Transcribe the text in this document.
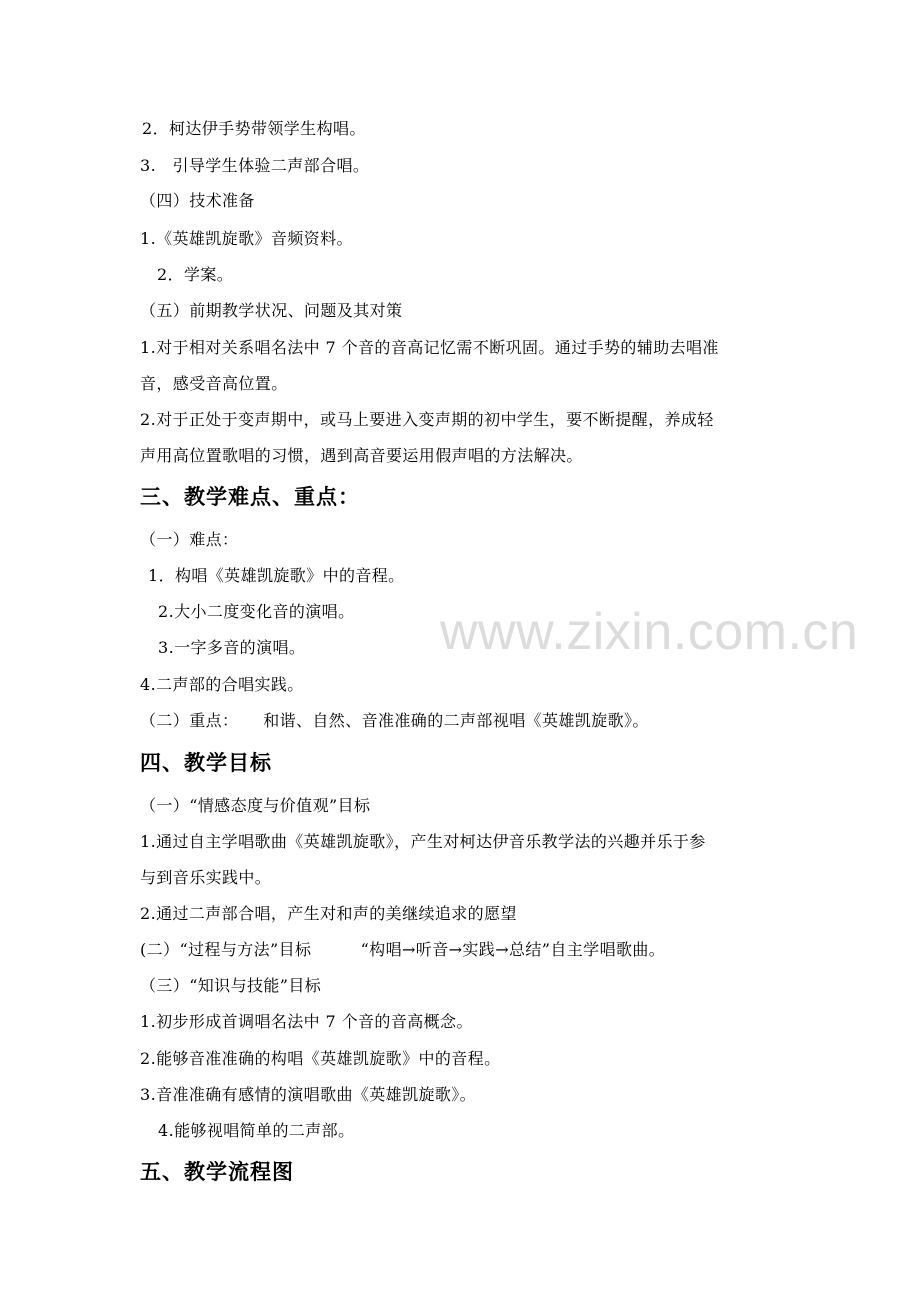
2．柯达伊手势带领学生构唱。
3.　引导学生体验二声部合唱。
（四）技术准备
1.《英雄凯旋歌》音频资料。
2．学案。
（五）前期教学状况、问题及其对策
1.对于相对关系唱名法中 7 个音的音高记忆需不断巩固。通过手势的辅助去唱准
音，感受音高位置。
2.对于正处于变声期中，或马上要进入变声期的初中学生，要不断提醒，养成轻
声用高位置歌唱的习惯，遇到高音要运用假声唱的方法解决。
三、教学难点、重点：
（一）难点：
1．构唱《英雄凯旋歌》中的音程。
2.大小二度变化音的演唱。
3.一字多音的演唱。
4.二声部的合唱实践。
（二）重点：　　和谐、自然、音准准确的二声部视唱《英雄凯旋歌》。
四、教学目标
（一）“情感态度与价值观”目标
1.通过自主学唱歌曲《英雄凯旋歌》，产生对柯达伊音乐教学法的兴趣并乐于参
与到音乐实践中。
2.通过二声部合唱，产生对和声的美继续追求的愿望
(二）“过程与方法”目标　　　“构唱→听音→实践→总结”自主学唱歌曲。
（三）“知识与技能”目标
1.初步形成首调唱名法中 7 个音的音高概念。
2.能够音准准确的构唱《英雄凯旋歌》中的音程。
3.音准准确有感情的演唱歌曲《英雄凯旋歌》。
4.能够视唱简单的二声部。
五、教学流程图
www.zixin.com.cn
